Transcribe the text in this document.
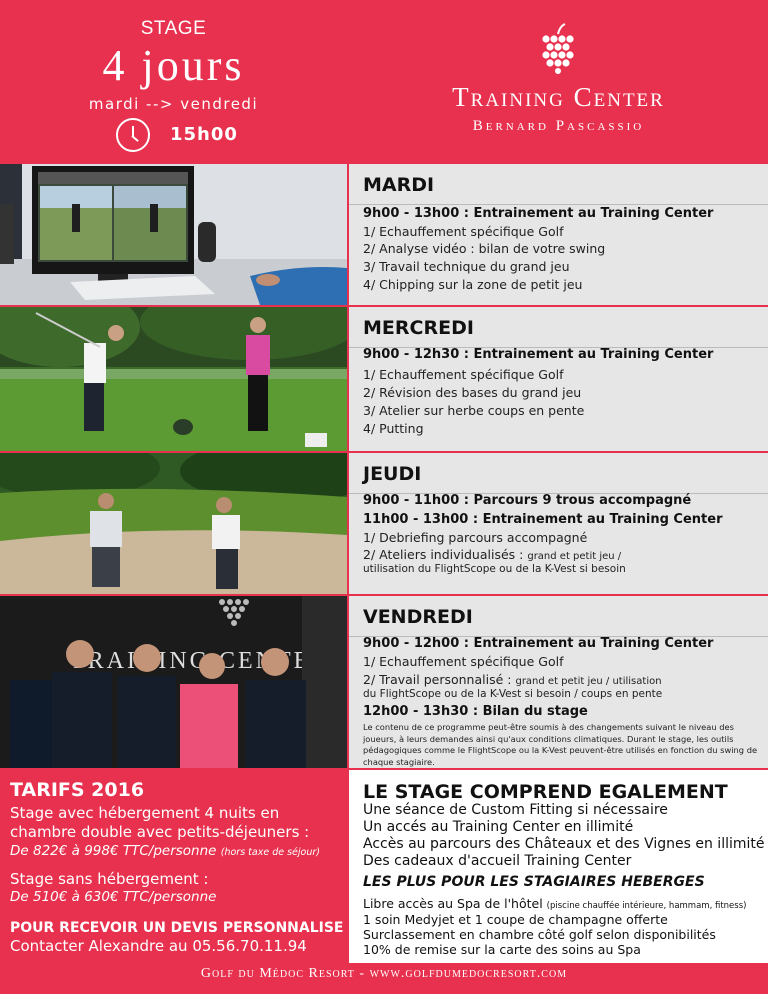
STAGE
4 jours
mardi --> vendredi
15h00
Training Center
Bernard Pascassio
MARDI
9h00 - 13h00 : Entrainement au Training Center
1/ Echauffement spécifique Golf
2/ Analyse vidéo : bilan de votre swing
3/ Travail technique du grand jeu
4/ Chipping sur la zone de petit jeu
MERCREDI
9h00 - 12h30 : Entrainement au Training Center
1/ Echauffement spécifique Golf
2/ Révision des bases du grand jeu
3/ Atelier sur herbe coups en pente
4/ Putting
JEUDI
9h00 - 11h00 : Parcours 9 trous accompagné
11h00 - 13h00 : Entrainement au Training Center
1/ Debriefing parcours accompagné
2/ Ateliers individualisés : grand et petit jeu /
utilisation du FlightScope ou de la K-Vest si besoin
VENDREDI
9h00 - 12h00 : Entrainement au Training Center
1/ Echauffement spécifique Golf
2/ Travail personnalisé : grand et petit jeu / utilisation
du FlightScope ou de la K-Vest si besoin / coups en pente
12h00 - 13h30 : Bilan du stage
Le contenu de ce programme peut-être soumis à des changements suivant le niveau des joueurs, à leurs demandes ainsi qu'aux conditions climatiques. Durant le stage, les outils pédagogiques comme le FlightScope ou la K-Vest peuvent-être utilisés en fonction du swing de chaque stagiaire.
TARIFS 2016
Stage avec hébergement 4 nuits en
chambre double avec petits-déjeuners :
De 822€ à 998€ TTC/personne (hors taxe de séjour)
Stage sans hébergement :
De 510€ à 630€ TTC/personne
POUR RECEVOIR UN DEVIS PERSONNALISE
Contacter Alexandre au 05.56.70.11.94
LE STAGE COMPREND EGALEMENT
Une séance de Custom Fitting si nécessaire
Un accés au Training Center en illimité
Accès au parcours des Châteaux et des Vignes en illimité
Des cadeaux d'accueil Training Center
LES PLUS POUR LES STAGIAIRES HEBERGES
Libre accès au Spa de l'hôtel (piscine chauffée intérieure, hammam, fitness)
1 soin Medyjet et 1 coupe de champagne offerte
Surclassement en chambre côté golf selon disponibilités
10% de remise sur la carte des soins au Spa
Golf du Médoc Resort - www.golfdumedocresort.com
